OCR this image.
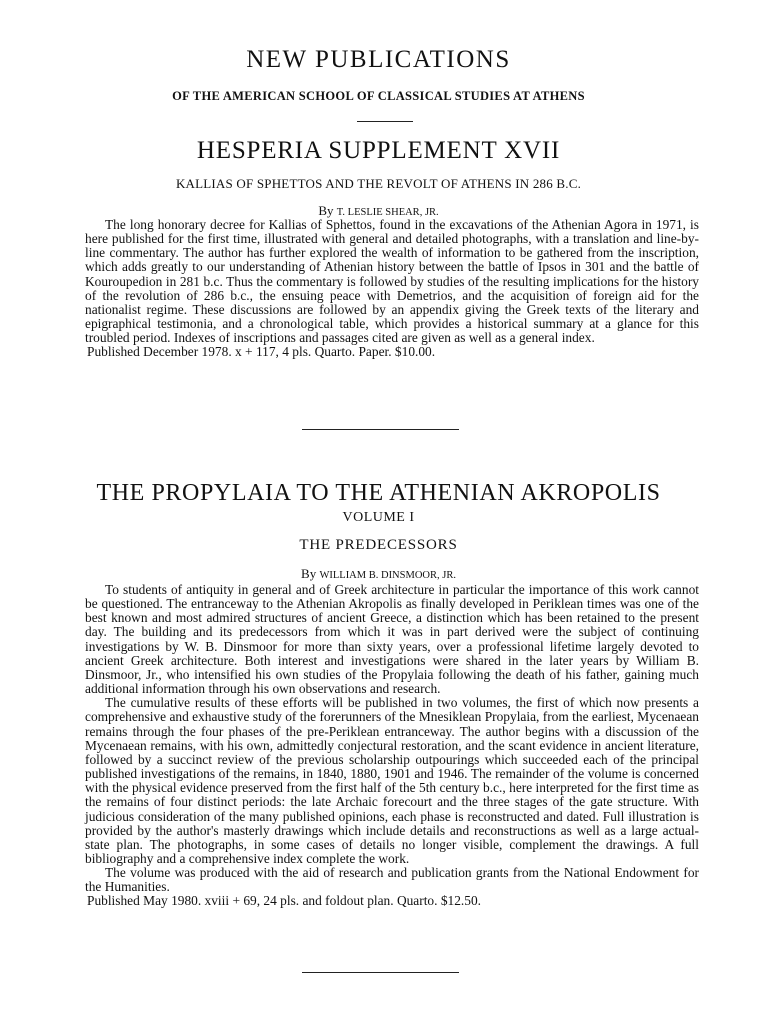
NEW PUBLICATIONS
OF THE AMERICAN SCHOOL OF CLASSICAL STUDIES AT ATHENS
HESPERIA SUPPLEMENT XVII
KALLIAS OF SPHETTOS AND THE REVOLT OF ATHENS IN 286 B.C.
By T. LESLIE SHEAR, JR.

The long honorary decree for Kallias of Sphettos, found in the excavations of the Athenian Agora in 1971, is here published for the first time, illustrated with general and detailed photographs, with a translation and line-by-line commentary. The author has further explored the wealth of information to be gathered from the inscription, which adds greatly to our understanding of Athenian history between the battle of Ipsos in 301 and the battle of Kouroupedion in 281 b.c. Thus the commentary is followed by studies of the resulting implications for the history of the revolution of 286 b.c., the ensuing peace with Demetrios, and the acquisition of foreign aid for the nationalist regime. These discussions are followed by an appendix giving the Greek texts of the literary and epigraphical testimonia, and a chronological table, which provides a historical summary at a glance for this troubled period. Indexes of inscriptions and passages cited are given as well as a general index.

Published December 1978. x + 117, 4 pls. Quarto. Paper. $10.00.

THE PROPYLAIA TO THE ATHENIAN AKROPOLIS
VOLUME I
THE PREDECESSORS
By WILLIAM B. DINSMOOR, JR.

To students of antiquity in general and of Greek architecture in particular the importance of this work cannot be questioned. The entranceway to the Athenian Akropolis as finally developed in Periklean times was one of the best known and most admired structures of ancient Greece, a distinction which has been retained to the present day. The building and its predecessors from which it was in part derived were the subject of continuing investigations by W. B. Dinsmoor for more than sixty years, over a professional lifetime largely devoted to ancient Greek architecture. Both interest and investigations were shared in the later years by William B. Dinsmoor, Jr., who intensified his own studies of the Propylaia following the death of his father, gaining much additional information through his own observations and research.

The cumulative results of these efforts will be published in two volumes, the first of which now presents a comprehensive and exhaustive study of the forerunners of the Mnesiklean Propylaia, from the earliest, Mycenaean remains through the four phases of the pre-Periklean entranceway. The author begins with a discussion of the Mycenaean remains, with his own, admittedly conjectural restoration, and the scant evidence in ancient literature, followed by a succinct review of the previous scholarship outpourings which succeeded each of the principal published investigations of the remains, in 1840, 1880, 1901 and 1946. The remainder of the volume is concerned with the physical evidence preserved from the first half of the 5th century b.c., here interpreted for the first time as the remains of four distinct periods: the late Archaic forecourt and the three stages of the gate structure. With judicious consideration of the many published opinions, each phase is reconstructed and dated. Full illustration is provided by the author's masterly drawings which include details and reconstructions as well as a large actual-state plan. The photographs, in some cases of details no longer visible, complement the drawings. A full bibliography and a comprehensive index complete the work.

The volume was produced with the aid of research and publication grants from the National Endowment for the Humanities.

Published May 1980. xviii + 69, 24 pls. and foldout plan. Quarto. $12.50.
